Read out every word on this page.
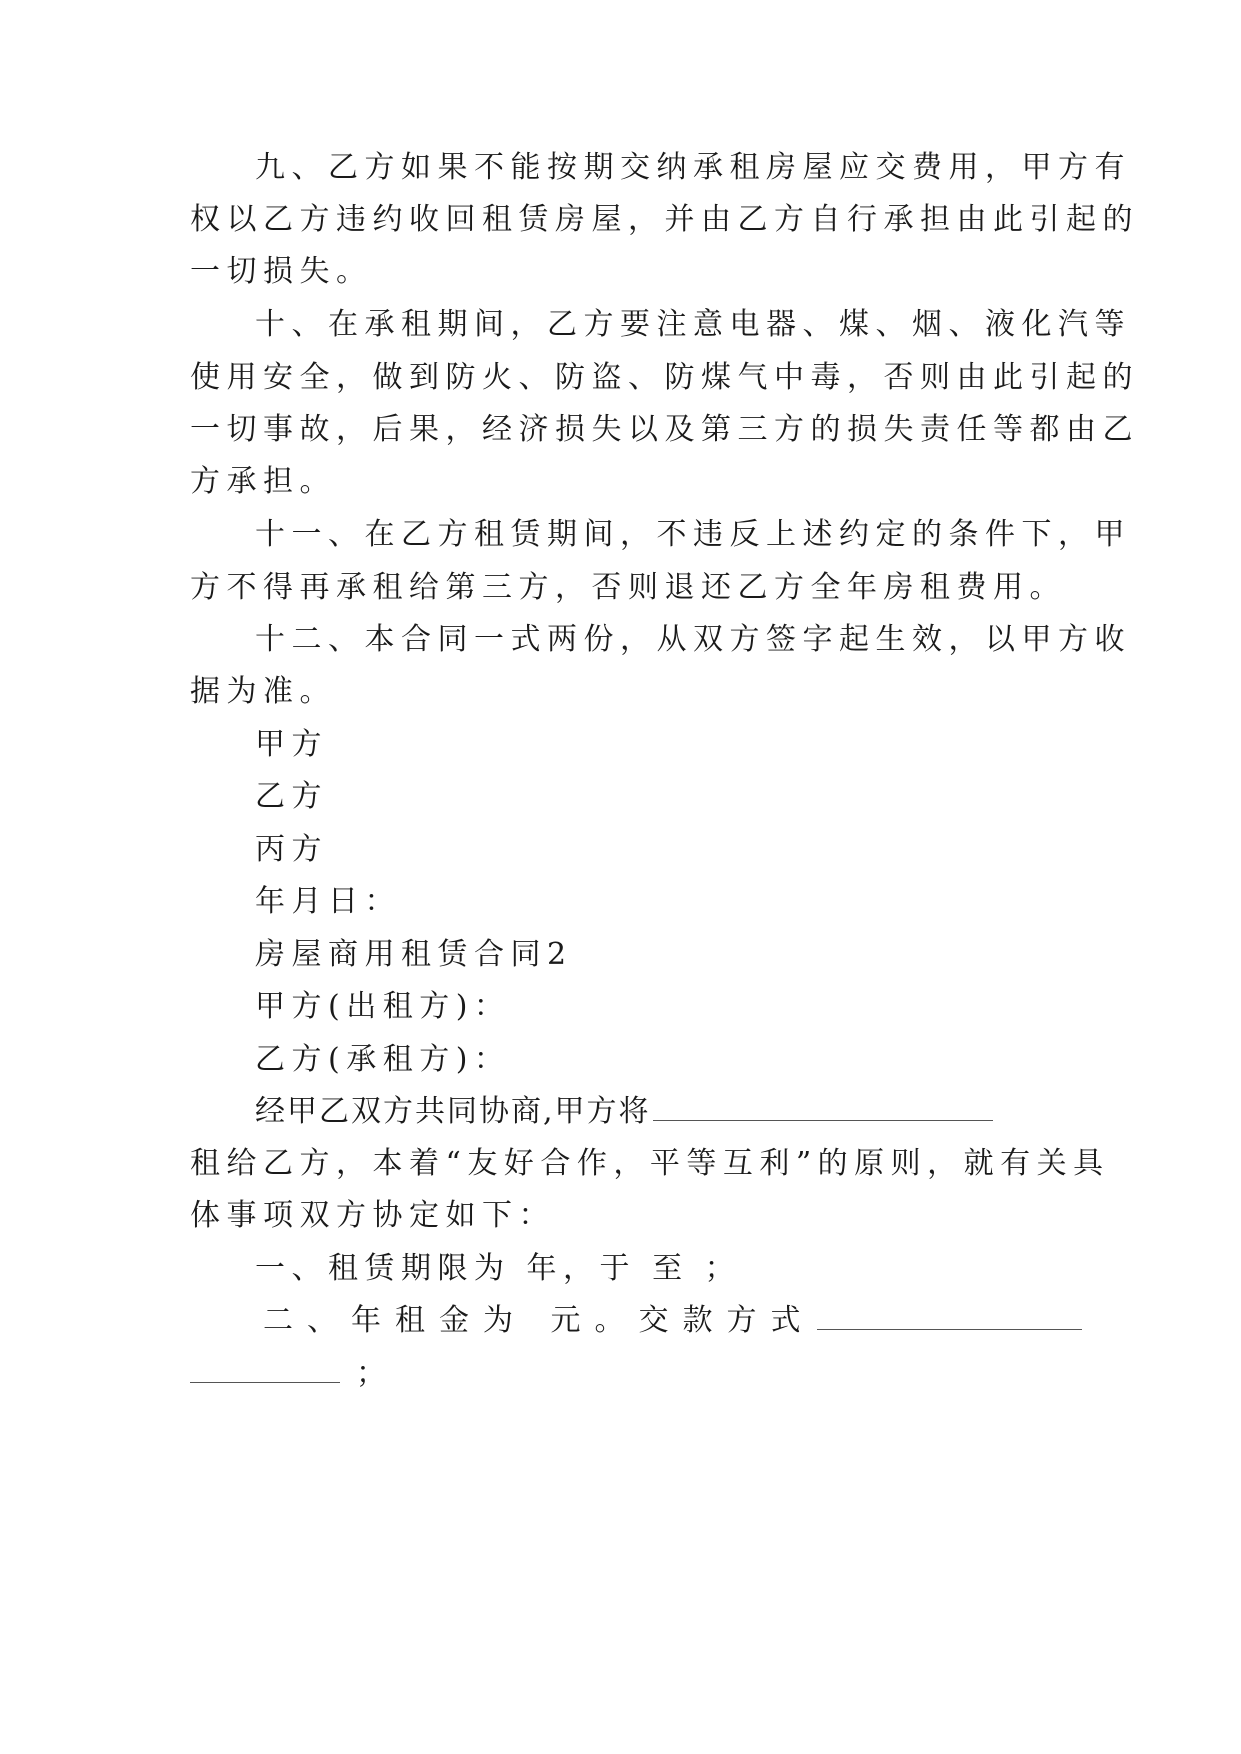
九、乙方如果不能按期交纳承租房屋应交费用，甲方有
权以乙方违约收回租赁房屋，并由乙方自行承担由此引起的
一切损失。
十、在承租期间，乙方要注意电器、煤、烟、液化汽等
使用安全，做到防火、防盗、防煤气中毒，否则由此引起的
一切事故，后果，经济损失以及第三方的损失责任等都由乙
方承担。
十一、在乙方租赁期间，不违反上述约定的条件下，甲
方不得再承租给第三方，否则退还乙方全年房租费用。
十二、本合同一式两份，从双方签字起生效，以甲方收
据为准。
甲方
乙方
丙方
年月日：
房屋商用租赁合同2
甲方(出租方)：
乙方(承租方)：
经甲乙双方共同协商,甲方将
租给乙方，本着“友好合作，平等互利”的原则，就有关具
体事项双方协定如下：
一、租赁期限为 年，于 至 ；
二、年租金为 元。交款方式
；
